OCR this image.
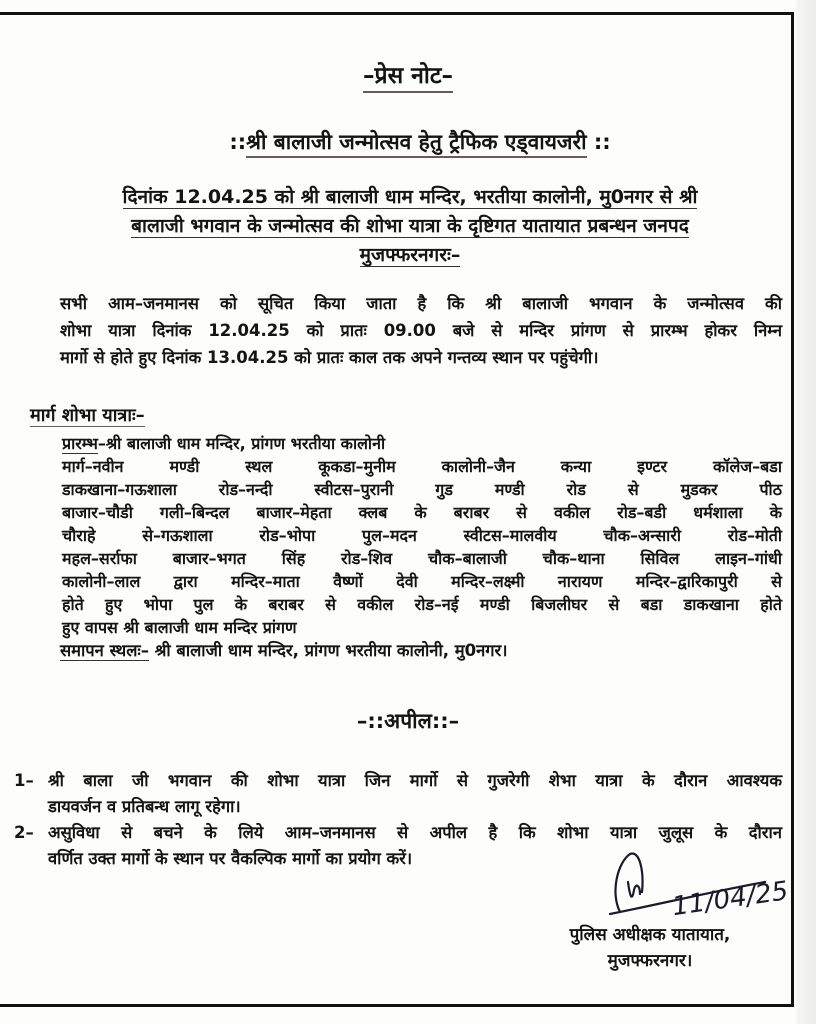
–प्रेस नोट–
::श्री बालाजी जन्मोत्सव हेतु ट्रैफिक एड्वायजरी ::
दिनांक 12.04.25 को श्री बालाजी धाम मन्दिर, भरतीया कालोनी, मु0नगर से श्री
बालाजी भगवान के जन्मोत्सव की शोभा यात्रा के दृष्टिगत यातायात प्रबन्धन जनपद
मुजफ्फरनगरः–
सभी आम–जनमानस को सूचित किया जाता है कि श्री बालाजी भगवान के जन्मोत्सव की
शोभा यात्रा दिनांक 12.04.25 को प्रातः 09.00 बजे से मन्दिर प्रांगण से प्रारम्भ होकर निम्न
मार्गो से होते हुए दिनांक 13.04.25 को प्रातः काल तक अपने गन्तव्य स्थान पर पहुंचेगी।
मार्ग शोभा यात्राः–
प्रारम्भ–श्री बालाजी धाम मन्दिर, प्रांगण भरतीया कालोनी
मार्ग–नवीन मण्डी स्थल कूकडा–मुनीम कालोनी–जैन कन्या इण्टर कॉलेज–बडा
डाकखाना–गऊशाला रोड–नन्दी स्वीटस–पुरानी गुड मण्डी रोड से मुडकर पीठ
बाजार–चौडी गली–बिन्दल बाजार–मेहता क्लब के बराबर से वकील रोड–बडी धर्मशाला के
चौराहे से–गऊशाला रोड–भोपा पुल–मदन स्वीटस–मालवीय चौक–अन्सारी रोड–मोती
महल–सर्राफा बाजार–भगत सिंह रोड–शिव चौक–बालाजी चौक–थाना सिविल लाइन–गांधी
कालोनी–लाल द्वारा मन्दिर–माता वैष्णों देवी मन्दिर–लक्ष्मी नारायण मन्दिर–द्वारिकापुरी से
होते हुए भोपा पुल के बराबर से वकील रोड–नई मण्डी बिजलीघर से बडा डाकखाना होते
हुए वापस श्री बालाजी धाम मन्दिर प्रांगण
समापन स्थलः– श्री बालाजी धाम मन्दिर, प्रांगण भरतीया कालोनी, मु0नगर।
–::अपील::–
1– श्री बाला जी भगवान की शोभा यात्रा जिन मार्गो से गुजरेगी शेभा यात्रा के दौरान आवश्यक
डायवर्जन व प्रतिबन्ध लागू रहेगा।
2– असुविधा से बचने के लिये आम–जनमानस से अपील है कि शोभा यात्रा जुलूस के दौरान
वर्णित उक्त मार्गो के स्थान पर वैकल्पिक मार्गो का प्रयोग करें।
11/04/25
पुलिस अधीक्षक यातायात,
मुजफ्फरनगर।
